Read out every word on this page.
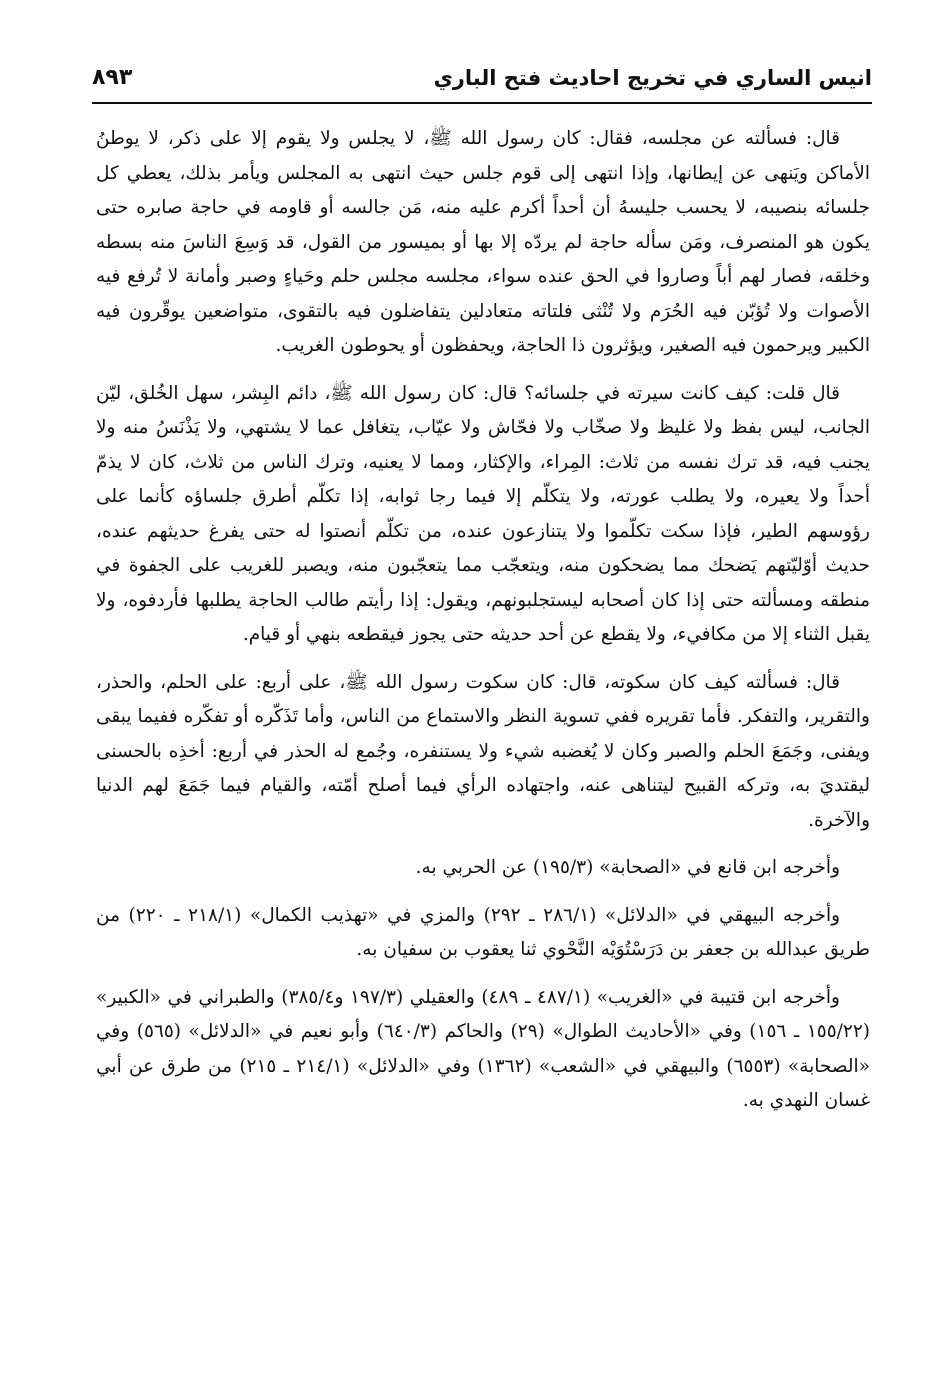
انيس الساري في تخريج احاديث فتح الباري
٨٩٣

قال: فسألته عن مجلسه، فقال: كان رسول الله ﷺ، لا يجلس ولا يقوم إلا على ذكر، لا يوطنُ الأماكن ويَنهى عن إيطانها، وإذا انتهى إلى قوم جلس حيث انتهى به المجلس ويأمر بذلك، يعطي كل جلسائه بنصيبه، لا يحسب جليسهُ أن أحداً أكرم عليه منه، مَن جالسه أو قاومه في حاجة صابره حتى يكون هو المنصرف، ومَن سأله حاجة لم يردّه إلا بها أو بميسور من القول، قد وَسِعَ الناسَ منه بسطه وخلقه، فصار لهم أباً وصاروا في الحق عنده سواء، مجلسه مجلس حلم وحَياءٍ وصبر وأمانة لا تُرفع فيه الأصوات ولا تُؤبّن فيه الحُرَم ولا تُنْثى فلتاته متعادلين يتفاضلون فيه بالتقوى، متواضعين يوقّرون فيه الكبير ويرحمون فيه الصغير، ويؤثرون ذا الحاجة، ويحفظون أو يحوطون الغريب.

قال قلت: كيف كانت سيرته في جلسائه؟ قال: كان رسول الله ﷺ، دائم البِشر، سهل الخُلق، ليّن الجانب، ليس بفظ ولا غليظ ولا صخّاب ولا فحّاش ولا عيّاب، يتغافل عما لا يشتهي، ولا يَذْنَسُ منه ولا يجنب فيه، قد ترك نفسه من ثلاث: المِراء، والإكثار، ومما لا يعنيه، وترك الناس من ثلاث، كان لا يذمّ أحداً ولا يعيره، ولا يطلب عورته، ولا يتكلّم إلا فيما رجا ثوابه، إذا تكلّم أطرق جلساؤه كأنما على رؤوسهم الطير، فإذا سكت تكلّموا ولا يتنازعون عنده، من تكلّم أنصتوا له حتى يفرغ حديثهم عنده، حديث أوّليّتهم يَضحك مما يضحكون منه، ويتعجّب مما يتعجّبون منه، ويصبر للغريب على الجفوة في منطقه ومسألته حتى إذا كان أصحابه ليستجلبونهم، ويقول: إذا رأيتم طالب الحاجة يطلبها فأردفوه، ولا يقبل الثناء إلا من مكافيء، ولا يقطع عن أحد حديثه حتى يجوز فيقطعه بنهي أو قيام.

قال: فسألته كيف كان سكوته، قال: كان سكوت رسول الله ﷺ، على أربع: على الحلم، والحذر، والتقرير، والتفكر. فأما تقريره ففي تسوية النظر والاستماع من الناس، وأما تَذَكّره أو تفكّره ففيما يبقى ويفنى، وجَمَعَ الحلم والصبر وكان لا يُغضبه شيء ولا يستنفره، وجُمع له الحذر في أربع: أخذِه بالحسنى ليقتديَ به، وتركه القبيح ليتناهى عنه، واجتهاده الرأي فيما أصلح أمّته، والقيام فيما جَمَعَ لهم الدنيا والآخرة.

وأخرجه ابن قانع في «الصحابة» (١٩٥/٣) عن الحربي به.

وأخرجه البيهقي في «الدلائل» (٢٨٦/١ ـ ٢٩٢) والمزي في «تهذيب الكمال» (٢١٨/١ ـ ٢٢٠) من طريق عبدالله بن جعفر بن دَرَسْتُوَيْه النَّحْوي ثنا يعقوب بن سفيان به.

وأخرجه ابن قتيبة في «الغريب» (٤٨٧/١ ـ ٤٨٩) والعقيلي (١٩٧/٣ و٣٨٥/٤) والطبراني في «الكبير» (١٥٥/٢٢ ـ ١٥٦) وفي «الأحاديث الطوال» (٢٩) والحاكم (٦٤٠/٣) وأبو نعيم في «الدلائل» (٥٦٥) وفي «الصحابة» (٦٥٥٣) والبيهقي في «الشعب» (١٣٦٢) وفي «الدلائل» (٢١٤/١ ـ ٢١٥) من طرق عن أبي غسان النهدي به.
